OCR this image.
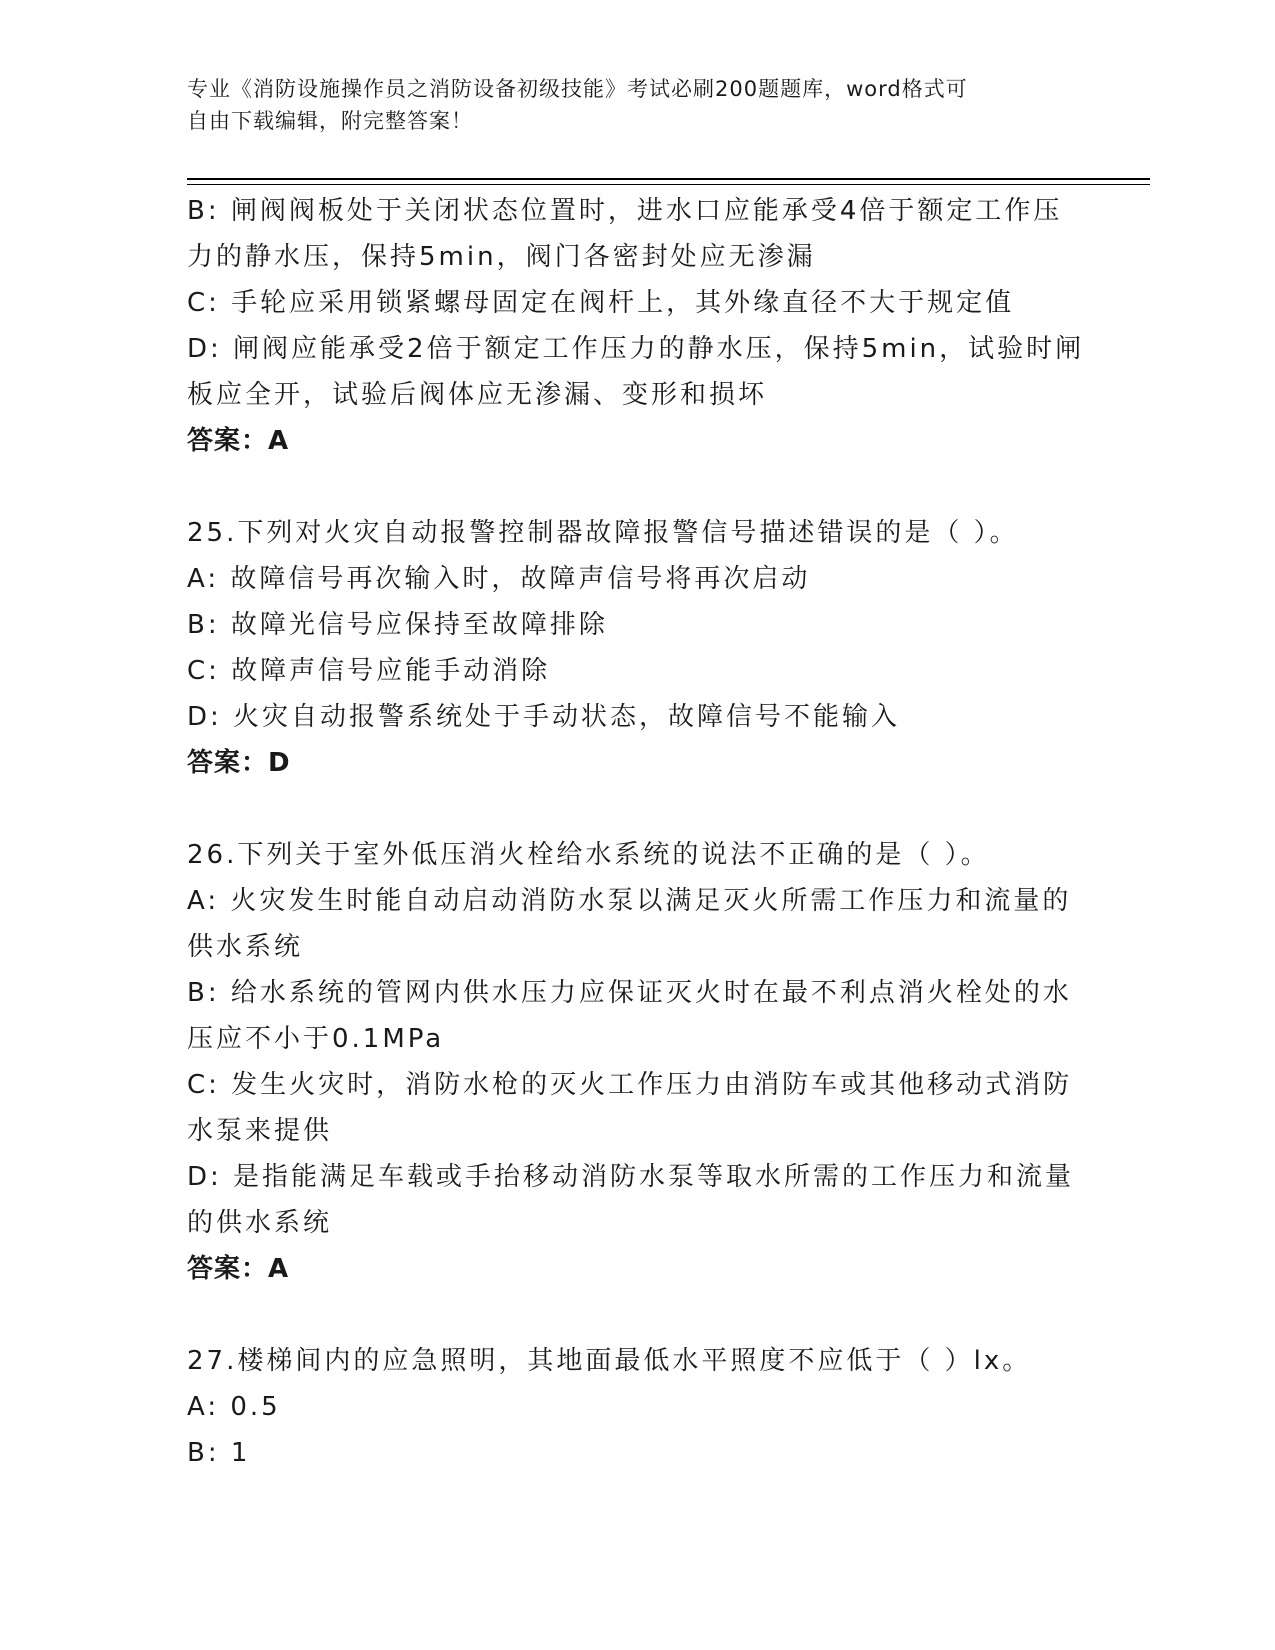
专业《消防设施操作员之消防设备初级技能》考试必刷200题题库，word格式可

自由下载编辑，附完整答案！

B: 闸阀阀板处于关闭状态位置时，进水口应能承受4倍于额定工作压

力的静水压，保持5min，阀门各密封处应无渗漏

C: 手轮应采用锁紧螺母固定在阀杆上，其外缘直径不大于规定值

D: 闸阀应能承受2倍于额定工作压力的静水压，保持5min，试验时闸

板应全开，试验后阀体应无渗漏、变形和损坏

答案：A

25.下列对火灾自动报警控制器故障报警信号描述错误的是（ ）。

A: 故障信号再次输入时，故障声信号将再次启动

B: 故障光信号应保持至故障排除

C: 故障声信号应能手动消除

D: 火灾自动报警系统处于手动状态，故障信号不能输入

答案：D

26.下列关于室外低压消火栓给水系统的说法不正确的是（ ）。

A: 火灾发生时能自动启动消防水泵以满足灭火所需工作压力和流量的

供水系统

B: 给水系统的管网内供水压力应保证灭火时在最不利点消火栓处的水

压应不小于0.1MPa

C: 发生火灾时，消防水枪的灭火工作压力由消防车或其他移动式消防

水泵来提供

D: 是指能满足车载或手抬移动消防水泵等取水所需的工作压力和流量

的供水系统

答案：A

27.楼梯间内的应急照明，其地面最低水平照度不应低于（ ）lx。

A: 0.5

B: 1
